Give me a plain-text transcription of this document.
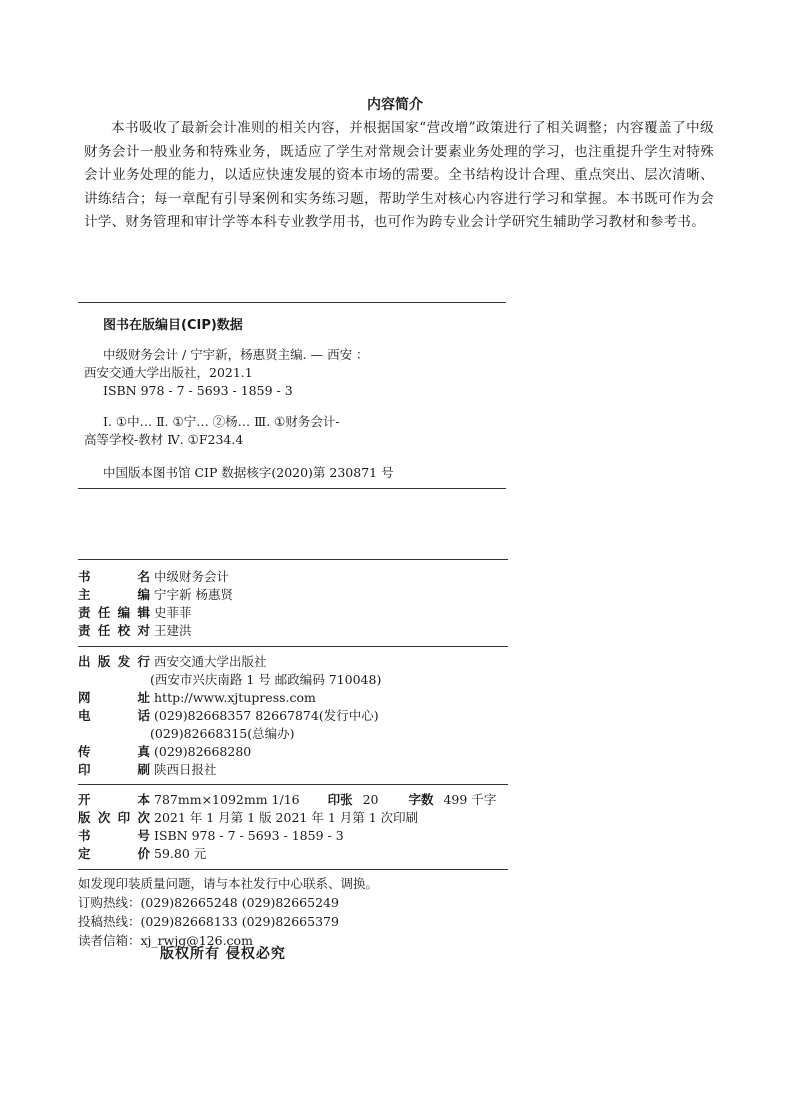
内容简介

本书吸收了最新会计准则的相关内容，并根据国家“营改增”政策进行了相关调整；内容覆盖了中级财务会计一般业务和特殊业务，既适应了学生对常规会计要素业务处理的学习，也注重提升学生对特殊会计业务处理的能力，以适应快速发展的资本市场的需要。全书结构设计合理、重点突出、层次清晰、讲练结合；每一章配有引导案例和实务练习题，帮助学生对核心内容进行学习和掌握。本书既可作为会计学、财务管理和审计学等本科专业教学用书，也可作为跨专业会计学研究生辅助学习教材和参考书。

图书在版编目(CIP)数据
中级财务会计 / 宁宇新，杨惠贤主编. — 西安 ：
西安交通大学出版社，2021.1
ISBN 978 - 7 - 5693 - 1859 - 3
Ⅰ. ①中… Ⅱ. ①宁… ②杨… Ⅲ. ①财务会计-
高等学校-教材 Ⅳ. ①F234.4
中国版本图书馆 CIP 数据核字(2020)第 230871 号
书名 中级财务会计
主编 宁宇新 杨惠贤
责任编辑 史菲菲
责任校对 王建洪
出版发行 西安交通大学出版社
(西安市兴庆南路 1 号 邮政编码 710048)
网址 http://www.xjtupress.com
电话 (029)82668357 82667874(发行中心)
(029)82668315(总编办)
传真 (029)82668280
印刷 陕西日报社
开本 787mm×1092mm 1/16 印张 20 字数 499 千字
版次印次 2021 年 1 月第 1 版 2021 年 1 月第 1 次印刷
书号 ISBN 978 - 7 - 5693 - 1859 - 3
定价 59.80 元
如发现印装质量问题，请与本社发行中心联系、调换。
订购热线：(029)82665248 (029)82665249
投稿热线：(029)82668133 (029)82665379
读者信箱：xj_rwjg@126.com
版权所有 侵权必究
